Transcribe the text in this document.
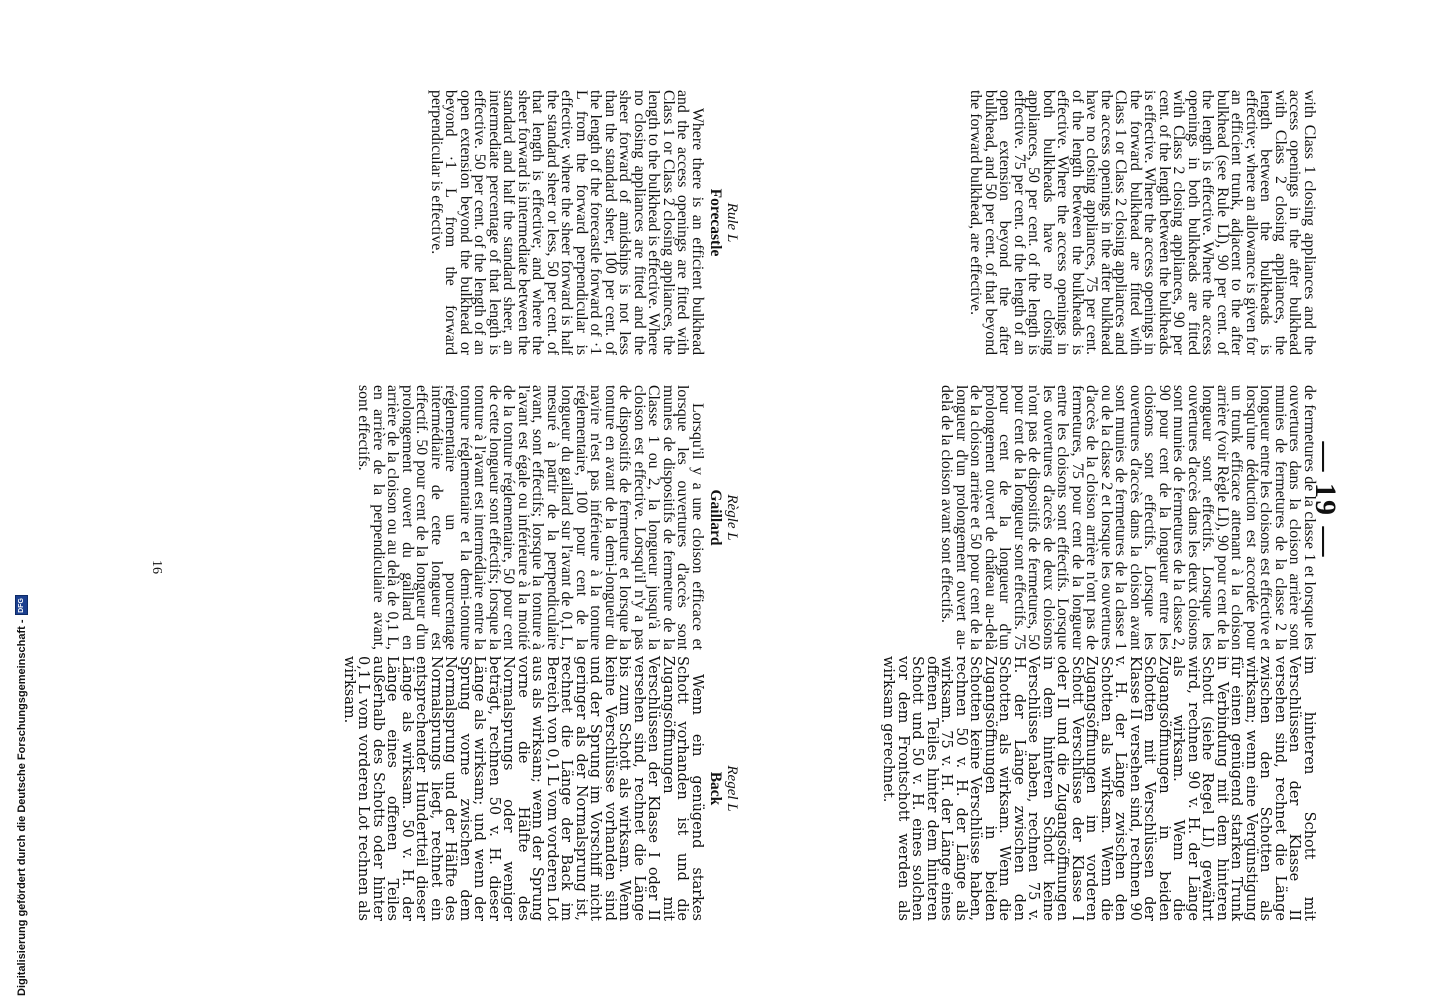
— 19 —

with Class 1 closing appliances and the access openings in the after bulkhead with Class 2 closing appliances, the length between the bulkheads is effective; where an allowance is given for an efficient trunk, adjacent to the after bulkhead (see Rule LI), 90 per cent. of the length is effective. Where the access openings in both bulkheads are fitted with Class 2 closing appliances, 90 per cent. of the length between the bulkheads is effective. Where the access openings in the forward bulkhead are fitted with Class 1 or Class 2 closing appliances and the access openings in the after bulkhead have no closing appliances, 75 per cent. of the length between the bulkheads is effective. Where the access openings in both bulkheads have no closing appliances, 50 per cent. of the length is effective. 75 per cent. of the length of an open extension beyond the after bulkhead, and 50 per cent. of that beyond the forward bulkhead, are effective.

de fermetures de la classe 1 et lorsque les ouvertures dans la cloison arrière sont munies de fermetures de la classe 2 la longueur entre les cloisons est effective et lorsqu'une déduction est accordée pour un trunk efficace attenant à la cloison arrière (voir Règle LI), 90 pour cent de la longueur sont effectifs. Lorsque les ouvertures d'accès dans les deux cloisons sont munies de fermetures de la classe 2, 90 pour cent de la longueur entre les cloisons sont effectifs. Lorsque les ouvertures d'accès dans la cloison avant sont munies de fermetures de la classe 1 ou de la classe 2 et lorsque les ouvertures d'accès de la cloison arrière n'ont pas de fermetures, 75 pour cent de la longueur entre les cloisons sont effectifs. Lorsque les ouvertures d'accès de deux cloisons n'ont pas de dispositifs de fermetures, 50 pour cent de la longueur sont effectifs. 75 pour cent de la longueur d'un prolongement ouvert de château au-delà de la cloison arrière et 50 pour cent de la longueur d'un prolongement ouvert au-delà de la cloison avant sont effectifs.

im hinteren Schott mit Verschlüssen der Klasse II versehen sind, rechnet die Länge zwischen den Schotten als wirksam; wenn eine Vergünstigung für einen genügend starken Trunk in Verbindung mit dem hinteren Schott (siehe Regel LI) gewährt wird, rechnen 90 v. H. der Länge als wirksam. Wenn die Zugangsöffnungen in beiden Schotten mit Verschlüssen der Klasse II versehen sind, rechnen 90 v. H. der Länge zwischen den Schotten als wirksam. Wenn die Zugangsöffnungen im vorderen Schott Verschlüsse der Klasse I oder II und die Zugangsöffnungen in dem hinteren Schott keine Verschlüsse haben, rechnen 75 v. H. der Länge zwischen den Schotten als wirksam. Wenn die Zugangsöffnungen in beiden Schotten keine Verschlüsse haben, rechnen 50 v. H. der Länge als wirksam. 75 v. H. der Länge eines offenen Teiles hinter dem hinteren Schott und 50 v. H. eines solchen vor dem Frontschott werden als wirksam gerechnet.

Rule L
Forecastle

Where there is an efficient bulkhead and the access openings are fitted with Class 1 or Class 2 closing appliances, the length to the bulkhead is effective. Where no closing appliances are fitted and the sheer forward of amidships is not less than the standard sheer, 100 per cent. of the length of the forecastle forward of ·1 L from the forward perpendicular is effective; where the sheer forward is half the standard sheer or less, 50 per cent. of that length is effective; and where the sheer forward is intermediate between the standard and half the standard sheer, an intermediate percentage of that length is effective. 50 per cent. of the length of an open extension beyond the bulkhead or beyond ·1 L from the forward perpendicular is effective.

Règle L
Gaillard

Lorsqu'il y a une cloison efficace et lorsque les ouvertures d'accès sont munies de dispositifs de fermeture de la Classe 1 ou 2, la longueur jusqu'à la cloison est effective. Lorsqu'il n'y a pas de dispositifs de fermeture et lorsque la tonture en avant de la demi-longueur du navire n'est pas inférieure à la tonture réglementaire, 100 pour cent de la longueur du gaillard sur l'avant de 0,1 L, mesuré à partir de la perpendiculaire avant, sont effectifs; lorsque la tonture à l'avant est égale ou inférieure à la moitié de la tonture réglementaire, 50 pour cent de cette longueur sont effectifs; lorsque la tonture à l'avant est intermédiaire entre la tonture réglementaire et la demi-tonture réglementaire un pourcentage intermédiaire de cette longueur est effectif. 50 pour cent de la longueur d'un prolongement ouvert du gaillard en arrière de la cloison ou au delà de 0,1 L, en arrière de la perpendiculaire avant, sont effectifs.

Regel L
Back

Wenn ein genügend starkes Schott vorhanden ist und die Zugangsöffnungen mit Verschlüssen der Klasse I oder II versehen sind, rechnet die Länge bis zum Schott als wirksam. Wenn keine Verschlüsse vorhanden sind und der Sprung im Vorschiff nicht geringer als der Normalsprung ist, rechnet die Länge der Back im Bereich von 0,1 L vom vorderen Lot aus als wirksam; wenn der Sprung vorne die Hälfte des Normalsprungs oder weniger beträgt, rechnen 50 v. H. dieser Länge als wirksam; und wenn der Sprung vorne zwischen dem Normalsprung und der Hälfte des Normalsprungs liegt, rechnet ein entsprechender Hundertteil dieser Länge als wirksam. 50 v. H. der Länge eines offenen Teiles außerhalb des Schotts oder hinter 0,1 L vom vorderen Lot rechnen als wirksam.

16
Digitalisierung gefördert durch die Deutsche Forschungsgemeinschaft -
DFG
